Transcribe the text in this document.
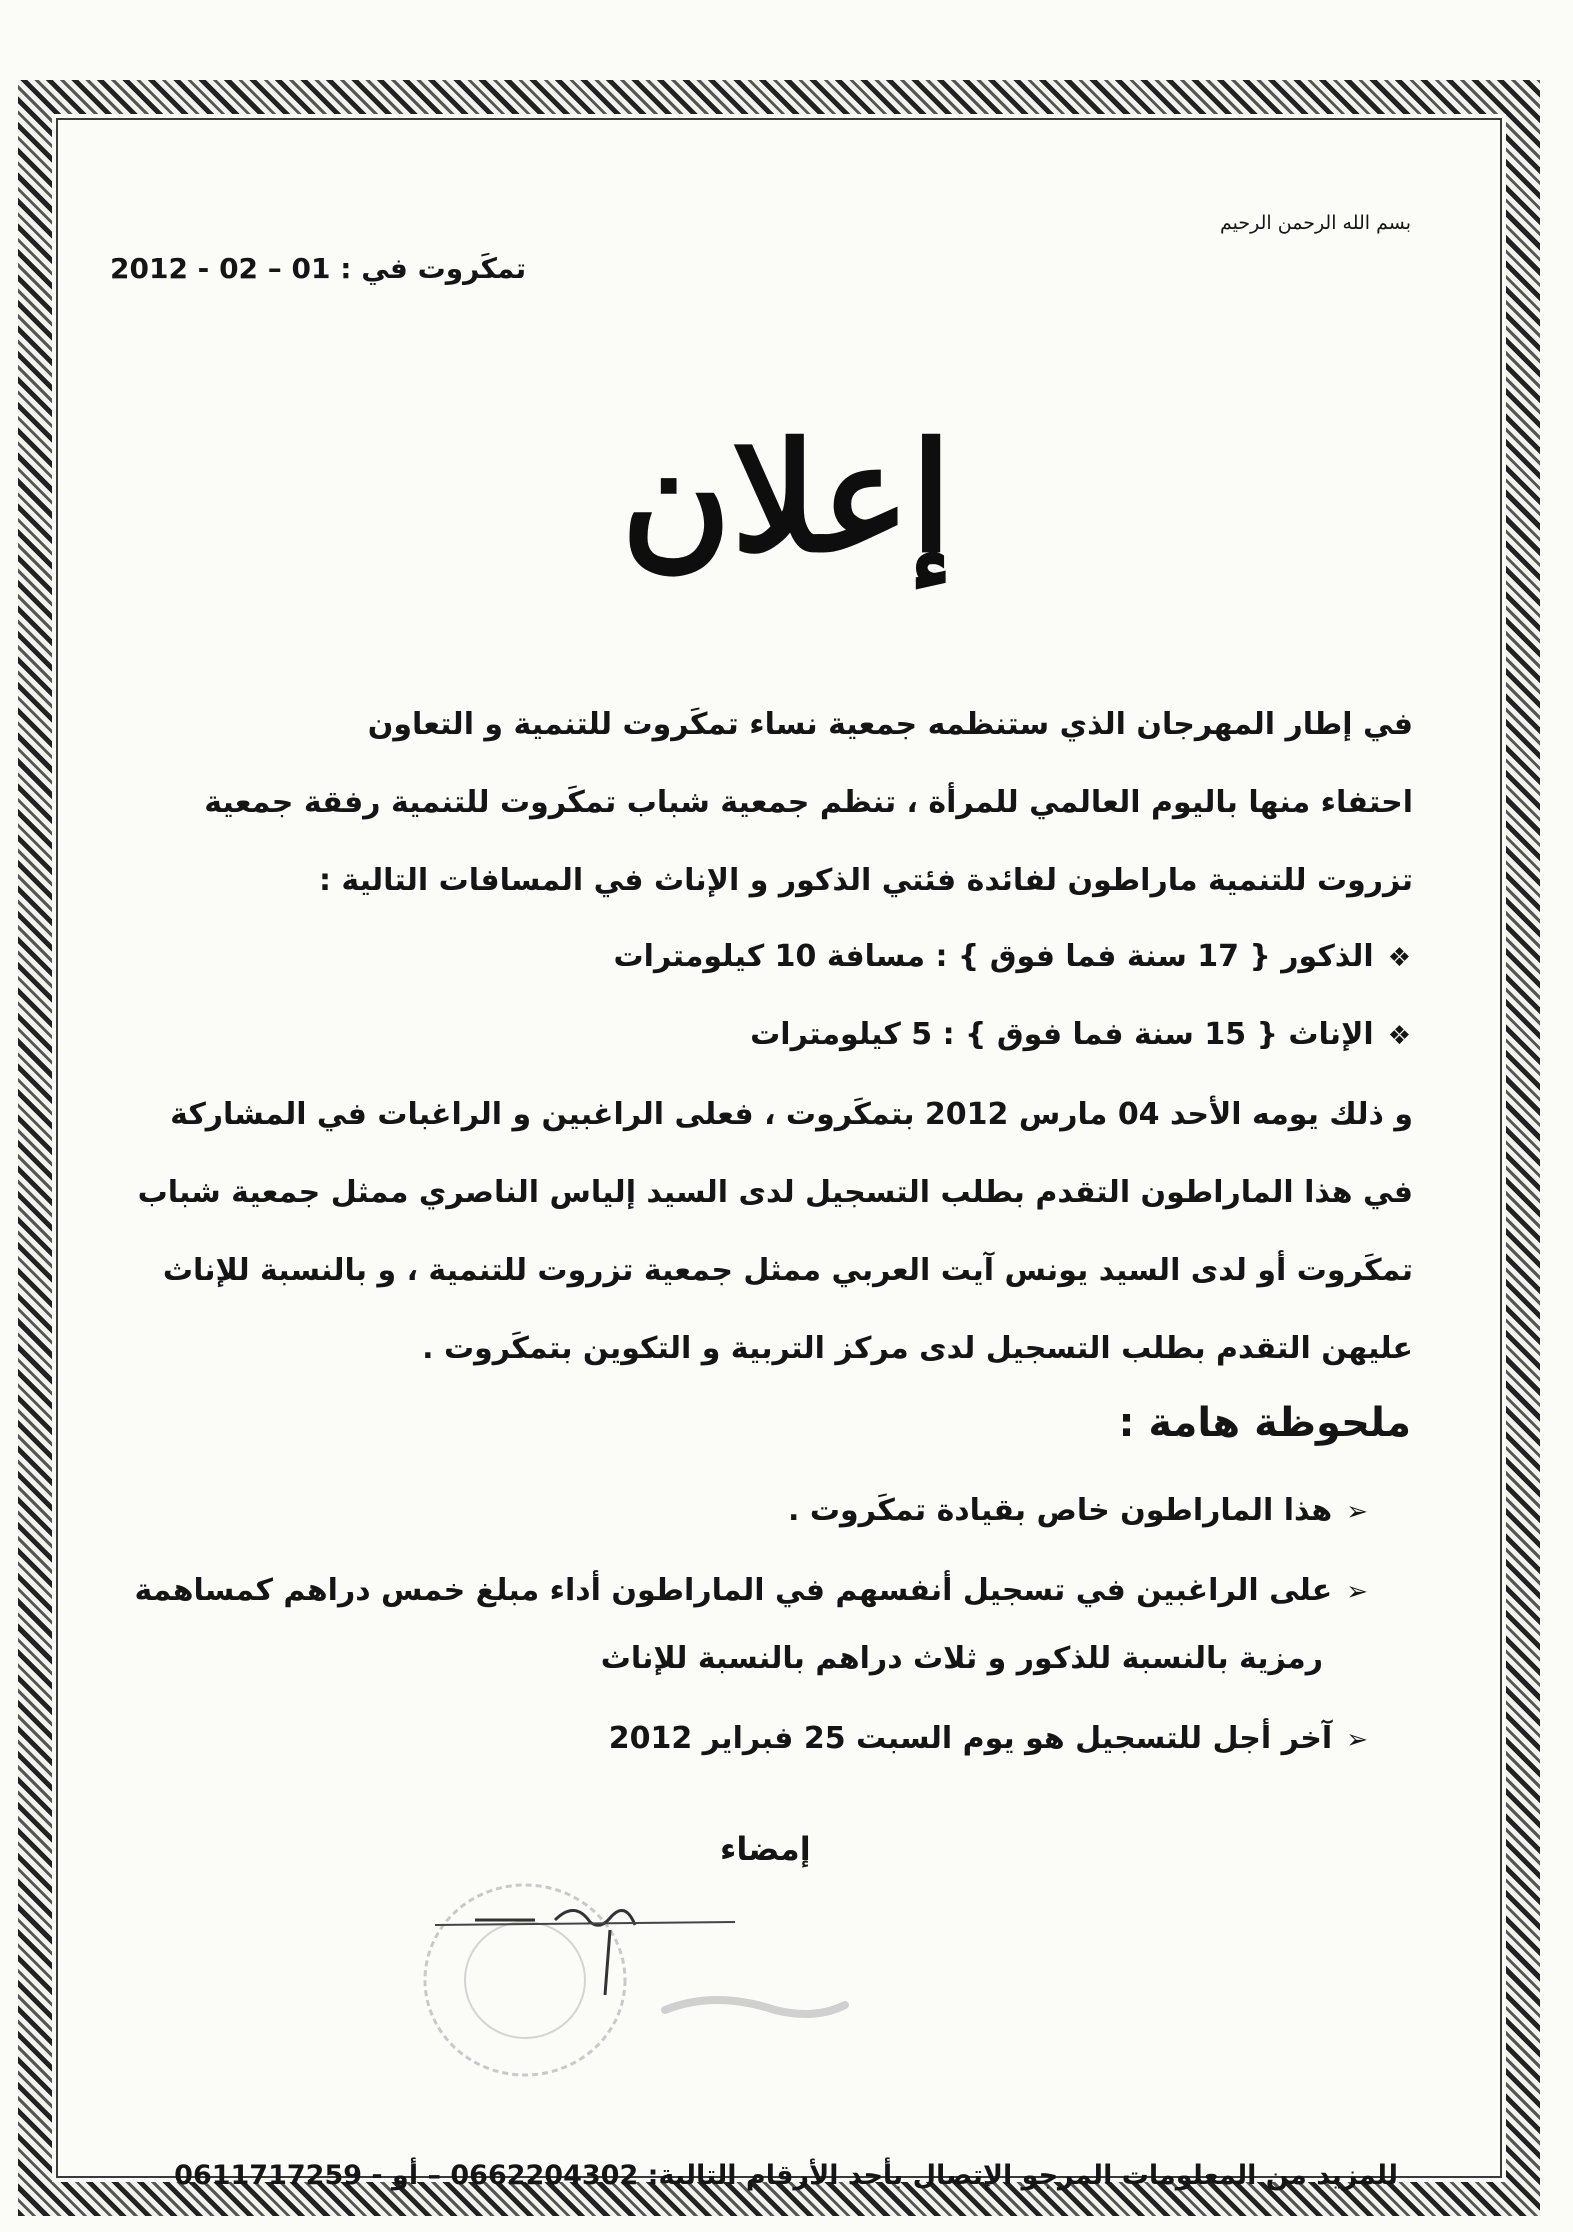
بسم الله الرحمن الرحيم
تمكَروت في : 01 – 02 - 2012
إعلان
في إطار المهرجان الذي ستنظمه جمعية نساء تمكَروت للتنمية و التعاون
احتفاء منها باليوم العالمي للمرأة ، تنظم جمعية شباب تمكَروت للتنمية رفقة جمعية
تزروت للتنمية ماراطون لفائدة فئتي الذكور و الإناث في المسافات التالية :
❖الذكور { 17 سنة فما فوق } : مسافة 10 كيلومترات
❖الإناث { 15 سنة فما فوق } : 5 كيلومترات
و ذلك يومه الأحد 04 مارس 2012 بتمكَروت ، فعلى الراغبين و الراغبات في المشاركة
في هذا الماراطون التقدم بطلب التسجيل لدى السيد إلياس الناصري ممثل جمعية شباب
تمكَروت أو لدى السيد يونس آيت العربي ممثل جمعية تزروت للتنمية ، و بالنسبة للإناث
عليهن التقدم بطلب التسجيل لدى مركز التربية و التكوين بتمكَروت .
ملحوظة هامة :
➢هذا الماراطون خاص بقيادة تمكَروت .
➢على الراغبين في تسجيل أنفسهم في الماراطون أداء مبلغ خمس دراهم كمساهمة
رمزية بالنسبة للذكور و ثلاث دراهم بالنسبة للإناث
➢آخر أجل للتسجيل هو يوم السبت 25 فبراير 2012
إمضاء
للمزيد من المعلومات المرجو الإتصال بأحد الأرقام التالية: 0662204302 – أو - 0611717259
